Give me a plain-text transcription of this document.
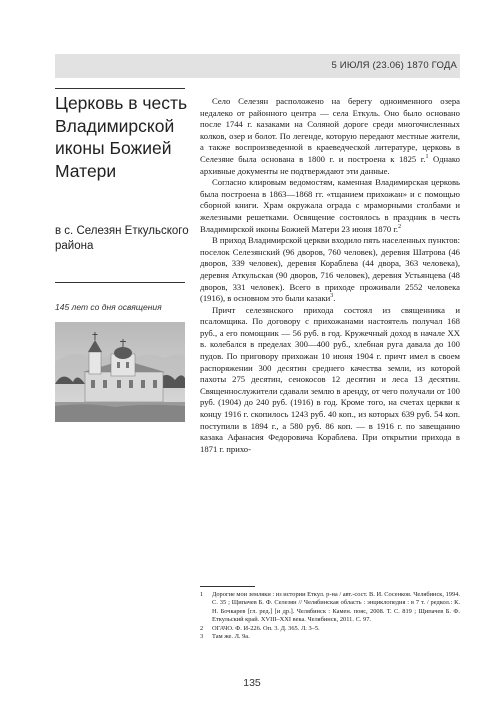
5 ИЮЛЯ (23.06) 1870 ГОДА
Церковь в честь Владимирской иконы Божией Матери

в с. Селезян Еткульского района

145 лет со дня освящения

Село Селезян расположено на берегу одноименного озера недалеко от районного центра — села Еткуль. Оно было основано после 1744 г. казаками на Соляной дороге среди многочисленных колков, озер и болот. По легенде, которую передают местные жители, а также воспроизведенной в краеведческой литературе, церковь в Селезяне была основана в 1800 г. и построена к 1825 г.$^1$ Однако архивные документы не подтверждают эти данные.

Согласно клировым ведомостям, каменная Владимирская церковь была построена в 1863—1868 гг. «тщанием прихожан» и с помощью сборной книги. Храм окружала ограда с мраморными столбами и железными решетками. Освящение состоялось в праздник в честь Владимирской иконы Божией Матери 23 июня 1870 г.$^2$

В приход Владимирской церкви входило пять населенных пунктов: поселок Селезянский (96 дворов, 760 человек), деревня Шатрова (46 дворов, 339 человек), деревня Кораблева (44 двора, 363 человека), деревня Аткульская (90 дворов, 716 человек), деревня Устьянцева (48 дворов, 331 человек). Всего в приходе проживали 2552 человека (1916), в основном это были казаки$^3$.

Причт селезянского прихода состоял из священника и псаломщика. По договору с прихожанами настоятель получал 168 руб., а его помощник — 56 руб. в год. Кружечный доход в начале XX в. колебался в пределах 300—400 руб., хлебная руга давала до 100 пудов. По приговору прихожан 10 июня 1904 г. причт имел в своем распоряжении 300 десятин среднего качества земли, из которой пахоты 275 десятин, сенокосов 12 десятин и леса 13 десятин. Священнослужители сдавали землю в аренду, от чего получали от 100 руб. (1904) до 240 руб. (1916) в год. Кроме того, на счетах церкви к концу 1916 г. скопилось 1243 руб. 40 коп., из которых 639 руб. 54 коп. поступили в 1894 г., а 580 руб. 86 коп. — в 1916 г. по завещанию казака Афанасия Федоровича Кораблева. При открытии прихода в 1871 г. прихо-

1	Дорогие мои земляки : из истории Еткул. р-на / авт.-сост. В. И. Сосенков. Челябинск, 1994. С. 35 ; Щипачев Б. Ф. Селезян // Челябинская область : энциклопедия : в 7 т. / редкол.: К. Н. Бочкарев [гл. ред.] [и др.]. Челябинск : Камен. пояс, 2008. Т. С. 819 ; Щипачев Б. Ф. Еткульский край. XVIII–XXI века. Челябинск, 2011. С. 97.
2	ОГАЧО. Ф. И-226. Оп. 3. Д. 365. Л. 3–5.
3	Там же. Л. 9а.
135
